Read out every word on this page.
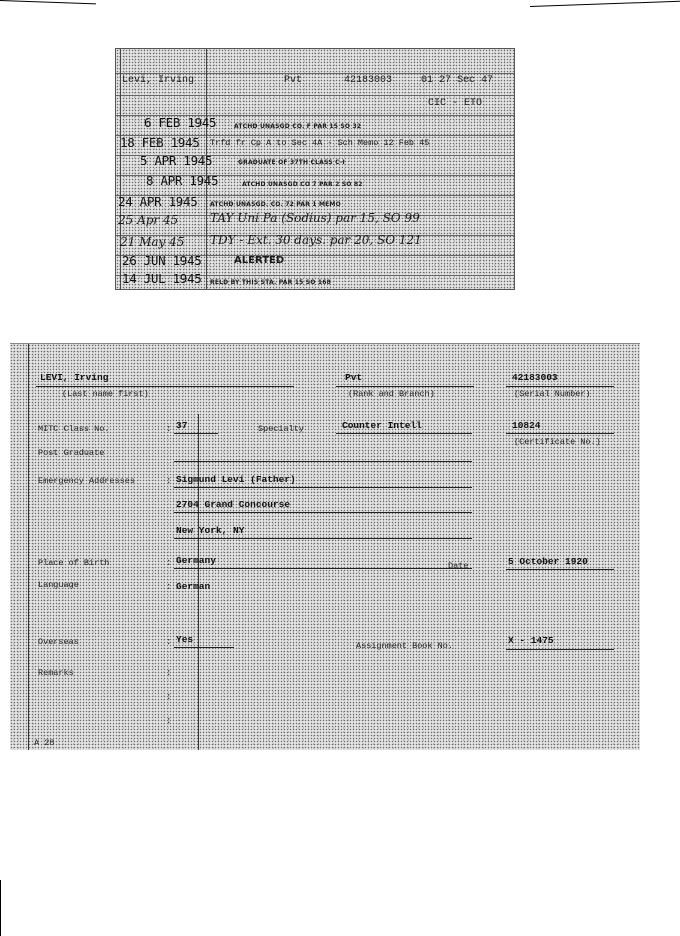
Levi, Irving	Pvt	42183003	01 27 Sec 47
CIC - ETO
6 FEB 1945	ATCHD UNASGD CO. F PAR 15 SO 32
18 FEB 1945 Trfd fr Cp A to Sec 4A - Sch Memo 12 Feb 45
5 APR 1945	GRADUATE OF 37TH CLASS C-I
8 APR 1945	ATCHD UNASGD CO 7 PAR 2 SO 82
24 APR 1945 ATCHD UNASGD. CO. 72 PAR 1 MEMO
25 Apr 45	TAY Uni Pa (Sodius) par 15, SO 99
21 May 45 TDY - Ext. 30 days. par 20, SO 121
26 JUN 1945	ALERTED
14 JUL 1945 RELD BY THIS STA. PAR 15 SO 168
LEVI, Irving
(Last name first)
Pvt
(Rank and Branch)
42183003
(Serial Number)
MITC Class No.	: 37	Specialty	Counter Intell	10824
(Certificate No.)
Post Graduate
Emergency Addresses	: Sigmund Levi (Father)
2704 Grand Concourse
New York, NY
Place of Birth	: Germany	Date	5 October 1920
Language	: German
Overseas	: Yes
Assignment Book No.	X - 1475
Remarks	:
:
:
A 28
